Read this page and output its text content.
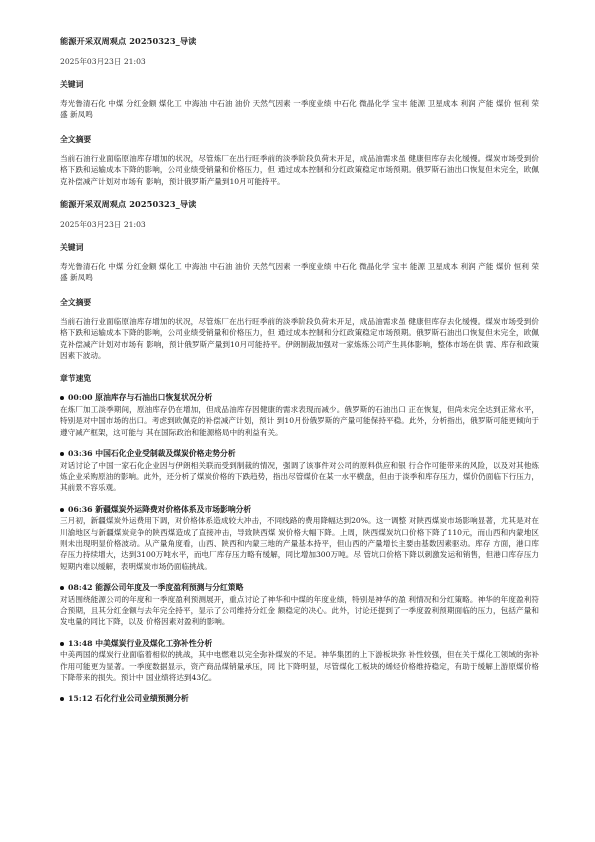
能源开采双周观点 20250323_导读
2025年03月23日 21:03
关键词
寿光鲁清石化 中煤 分红金额 煤化工 中海油 中石油 油价 天然气因素 一季度业绩 中石化 微晶化学 宝丰 能源 卫星成本 利润 产能 煤价 恒利 荣盛 新凤鸣
全文摘要
当前石油行业面临原油库存增加的状况，尽管炼厂在出行旺季前的淡季阶段负荷未开足，成品油需求虽 健康但库存去化缓慢。煤炭市场受到价格下跌和运输成本下降的影响，公司业绩受销量和价格压力，但 通过成本控制和分红政策稳定市场预期。俄罗斯石油出口恢复但未完全，欧佩克补偿减产计划对市场有 影响，预计俄罗斯产量到10月可能持平。
能源开采双周观点 20250323_导读
2025年03月23日 21:03
关键词
寿光鲁清石化 中煤 分红金额 煤化工 中海油 中石油 油价 天然气因素 一季度业绩 中石化 微晶化学 宝丰 能源 卫星成本 利润 产能 煤价 恒利 荣盛 新凤鸣
全文摘要
当前石油行业面临原油库存增加的状况，尽管炼厂在出行旺季前的淡季阶段负荷未开足，成品油需求虽 健康但库存去化缓慢。煤炭市场受到价格下跌和运输成本下降的影响，公司业绩受销量和价格压力，但 通过成本控制和分红政策稳定市场预期。俄罗斯石油出口恢复但未完全，欧佩克补偿减产计划对市场有 影响，预计俄罗斯产量到10月可能持平。伊朗制裁加强对一家炼炼公司产生具体影响，整体市场在供 需、库存和政策因素下波动。
章节速览
00:00 原油库存与石油出口恢复状况分析
在炼厂加工淡季期间，原油库存仍在增加，但成品油库存因健康的需求表现而减少。俄罗斯的石油出口 正在恢复，但尚未完全达到正常水平，特别是对中国市场的出口。考虑到欧佩克的补偿减产计划，预计 到10月份俄罗斯的产量可能保持平稳。此外，分析指出，俄罗斯可能更倾向于遵守减产框架，这可能与 其在国际政治和能源格局中的利益有关。
03:36 中国石化企业受制裁及煤炭价格走势分析
对话讨论了中国一家石化企业因与伊朗相关联而受到制裁的情况，强调了该事件对公司的原料供应和银 行合作可能带来的风险，以及对其他炼炼企业采购原油的影响。此外，还分析了煤炭价格的下跌趋势，指出尽管煤价在某一水平横盘，但由于淡季和库存压力，煤价仍面临下行压力，其前景不容乐观。
06:36 新疆煤炭外运降费对价格体系及市场影响分析
三月初，新疆煤炭外运费用下调，对价格体系造成较大冲击，不同线路的费用降幅达到20%。这一调整 对陕西煤炭市场影响显著，尤其是对在川渝地区与新疆煤炭竞争的陕西煤造成了直接冲击，导致陕西煤 炭价格大幅下降。上周，陕西煤炭坑口价格下降了110元，而山西和内蒙地区则未出现明显价格波动。从产量角度看，山西、陕西和内蒙三地的产量基本持平，但山西的产量增长主要由基数因素驱动。库存 方面，港口库存压力持续增大，达到3100万吨水平，而电厂库存压力略有缓解，同比增加300万吨。尽 管坑口价格下降以刺激发运和销售，但港口库存压力短期内难以缓解，表明煤炭市场仍面临挑战。
08:42 能源公司年度及一季度盈利预测与分红策略
对话围绕能源公司的年度和一季度盈利预测展开，重点讨论了神华和中煤的年度业绩，特别是神华的盈 利情况和分红策略。神华的年度盈利符合预期，且其分红金额与去年完全持平，显示了公司维持分红金 额稳定的决心。此外，讨论还提到了一季度盈利预期面临的压力，包括产量和发电量的同比下降，以及 价格因素对盈利的影响。
13:48 中美煤炭行业及煤化工弥补性分析
中美两国的煤炭行业面临着相似的挑战，其中电燃难以完全弥补煤炭的不足。神华集团的上下游板块弥 补性较强，但在关于煤化工领域的弥补作用可能更为显著。一季度数据显示，资产商品煤销量承压，同 比下降明显，尽管煤化工板块的烯烃价格维持稳定，有助于缓解上游原煤价格下降带来的损失。预计中 国业绩将达到43亿。
15:12 石化行业公司业绩预测分析
